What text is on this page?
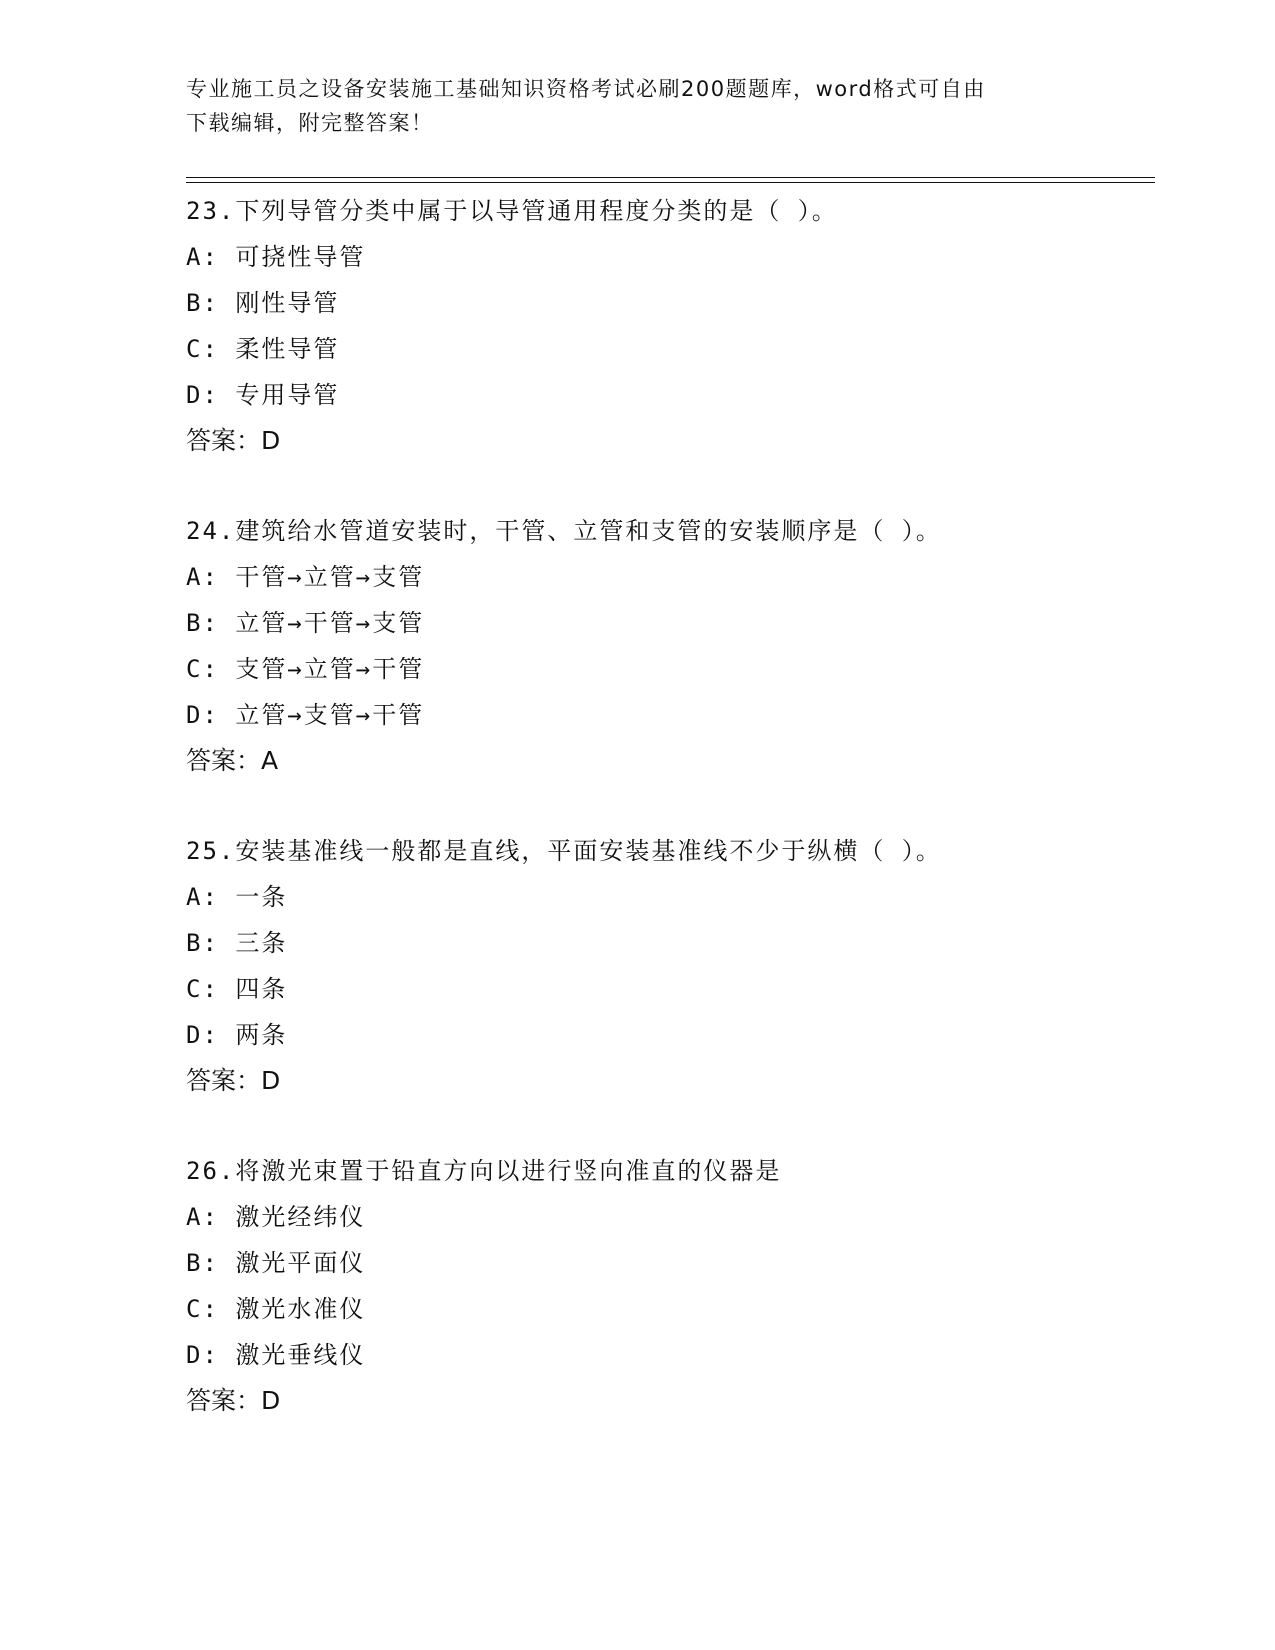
专业施工员之设备安装施工基础知识资格考试必刷200题题库，word格式可自由
下载编辑，附完整答案！
23.下列导管分类中属于以导管通用程度分类的是（ ）。
A: 可挠性导管
B: 刚性导管
C: 柔性导管
D: 专用导管
答案：D
24.建筑给水管道安装时，干管、立管和支管的安装顺序是（ ）。
A: 干管→立管→支管
B: 立管→干管→支管
C: 支管→立管→干管
D: 立管→支管→干管
答案：A
25.安装基准线一般都是直线，平面安装基准线不少于纵横（ ）。
A: 一条
B: 三条
C: 四条
D: 两条
答案：D
26.将激光束置于铅直方向以进行竖向准直的仪器是
A: 激光经纬仪
B: 激光平面仪
C: 激光水准仪
D: 激光垂线仪
答案：D
